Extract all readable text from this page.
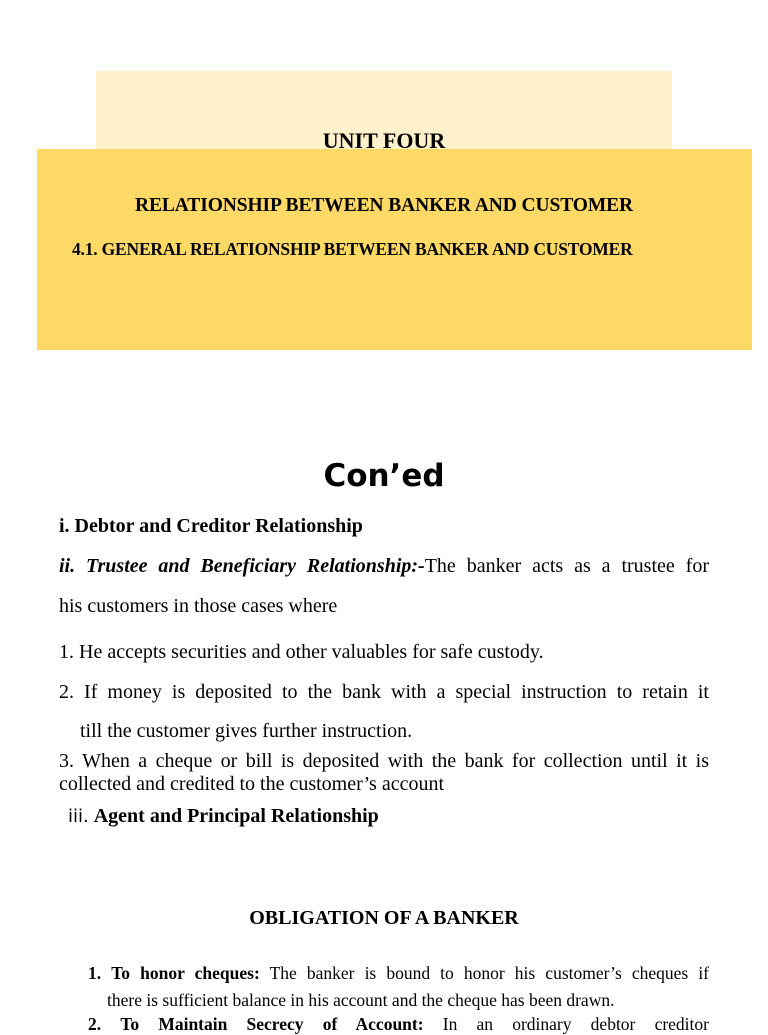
UNIT FOUR
RELATIONSHIP BETWEEN BANKER AND CUSTOMER
4.1. GENERAL RELATIONSHIP BETWEEN BANKER AND CUSTOMER
Con’ed
i. Debtor and Creditor Relationship
ii. Trustee and Beneficiary Relationship:-The banker acts as a trustee for
his customers in those cases where
1. He accepts securities and other valuables for safe custody.
2. If money is deposited to the bank with a special instruction to retain it
till the customer gives further instruction.
3. When a cheque or bill is deposited with the bank for collection until it is collected and credited to the customer’s account
iii. Agent and Principal Relationship
OBLIGATION OF A BANKER
1. To honor cheques: The banker is bound to honor his customer’s cheques if
there is sufficient balance in his account and the cheque has been drawn.
2. To Maintain Secrecy of Account: In an ordinary debtor creditor
